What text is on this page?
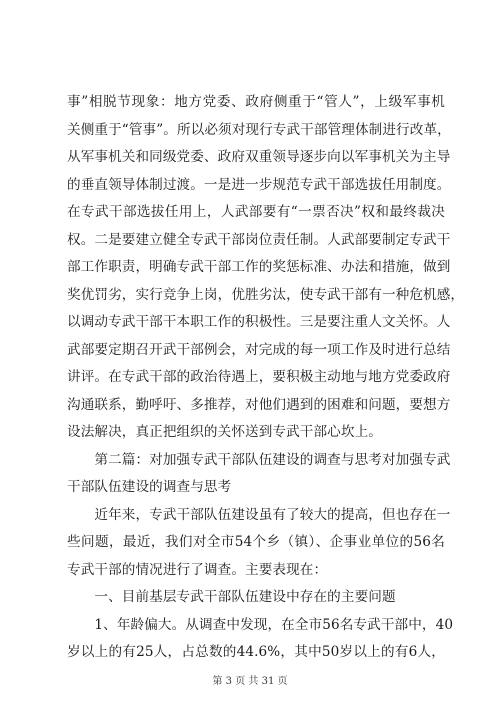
事”相脱节现象：地方党委、政府侧重于“管人”，上级军事机
关侧重于“管事”。所以必须对现行专武干部管理体制进行改革，
从军事机关和同级党委、政府双重领导逐步向以军事机关为主导
的垂直领导体制过渡。一是进一步规范专武干部选拔任用制度。
在专武干部选拔任用上，人武部要有“一票否决”权和最终裁决
权。二是要建立健全专武干部岗位责任制。人武部要制定专武干
部工作职责，明确专武干部工作的奖惩标准、办法和措施，做到
奖优罚劣，实行竞争上岗，优胜劣汰，使专武干部有一种危机感，
以调动专武干部干本职工作的积极性。三是要注重人文关怀。人
武部要定期召开武干部例会，对完成的每一项工作及时进行总结
讲评。在专武干部的政治待遇上，要积极主动地与地方党委政府
沟通联系，勤呼吁、多推荐，对他们遇到的困难和问题，要想方
设法解决，真正把组织的关怀送到专武干部心坎上。
　　第二篇：对加强专武干部队伍建设的调查与思考对加强专武
干部队伍建设的调查与思考
　　近年来，专武干部队伍建设虽有了较大的提高，但也存在一
些问题，最近，我们对全市54个乡（镇）、企事业单位的56名
专武干部的情况进行了调查。主要表现在：
　　一、目前基层专武干部队伍建设中存在的主要问题
　　1、年龄偏大。从调查中发现，在全市56名专武干部中，40
岁以上的有25人，占总数的44.6%，其中50岁以上的有6人，
第 3 页 共 31 页
